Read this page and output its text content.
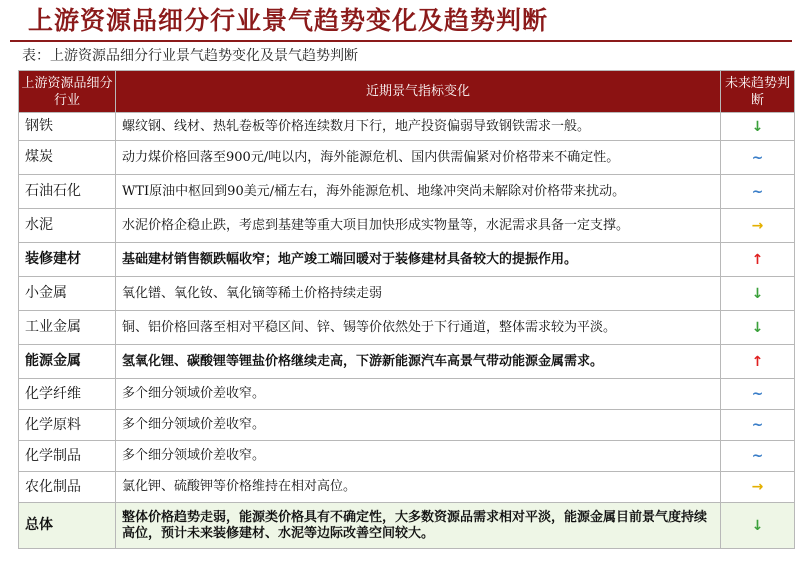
上游资源品细分行业景气趋势变化及趋势判断
表：上游资源品细分行业景气趋势变化及景气趋势判断
上游资源品细分行业	近期景气指标变化	未来趋势判断
钢铁	螺纹钢、线材、热轧卷板等价格连续数月下行，地产投资偏弱导致钢铁需求一般。	↓
煤炭	动力煤价格回落至900元/吨以内，海外能源危机、国内供需偏紧对价格带来不确定性。	~
石油石化	WTI原油中枢回到90美元/桶左右，海外能源危机、地缘冲突尚未解除对价格带来扰动。	~
水泥	水泥价格企稳止跌，考虑到基建等重大项目加快形成实物量等，水泥需求具备一定支撑。	→
装修建材	基础建材销售额跌幅收窄；地产竣工端回暖对于装修建材具备较大的提振作用。	↑
小金属	氧化镨、氧化钕、氧化镝等稀土价格持续走弱	↓
工业金属	铜、铝价格回落至相对平稳区间、锌、锡等价依然处于下行通道，整体需求较为平淡。	↓
能源金属	氢氧化锂、碳酸锂等锂盐价格继续走高，下游新能源汽车高景气带动能源金属需求。	↑
化学纤维	多个细分领域价差收窄。	~
化学原料	多个细分领域价差收窄。	~
化学制品	多个细分领域价差收窄。	~
农化制品	氯化钾、硫酸钾等价格维持在相对高位。	→
总体	整体价格趋势走弱，能源类价格具有不确定性，大多数资源品需求相对平淡，能源金属目前景气度持续高位，预计未来装修建材、水泥等边际改善空间较大。	↓
